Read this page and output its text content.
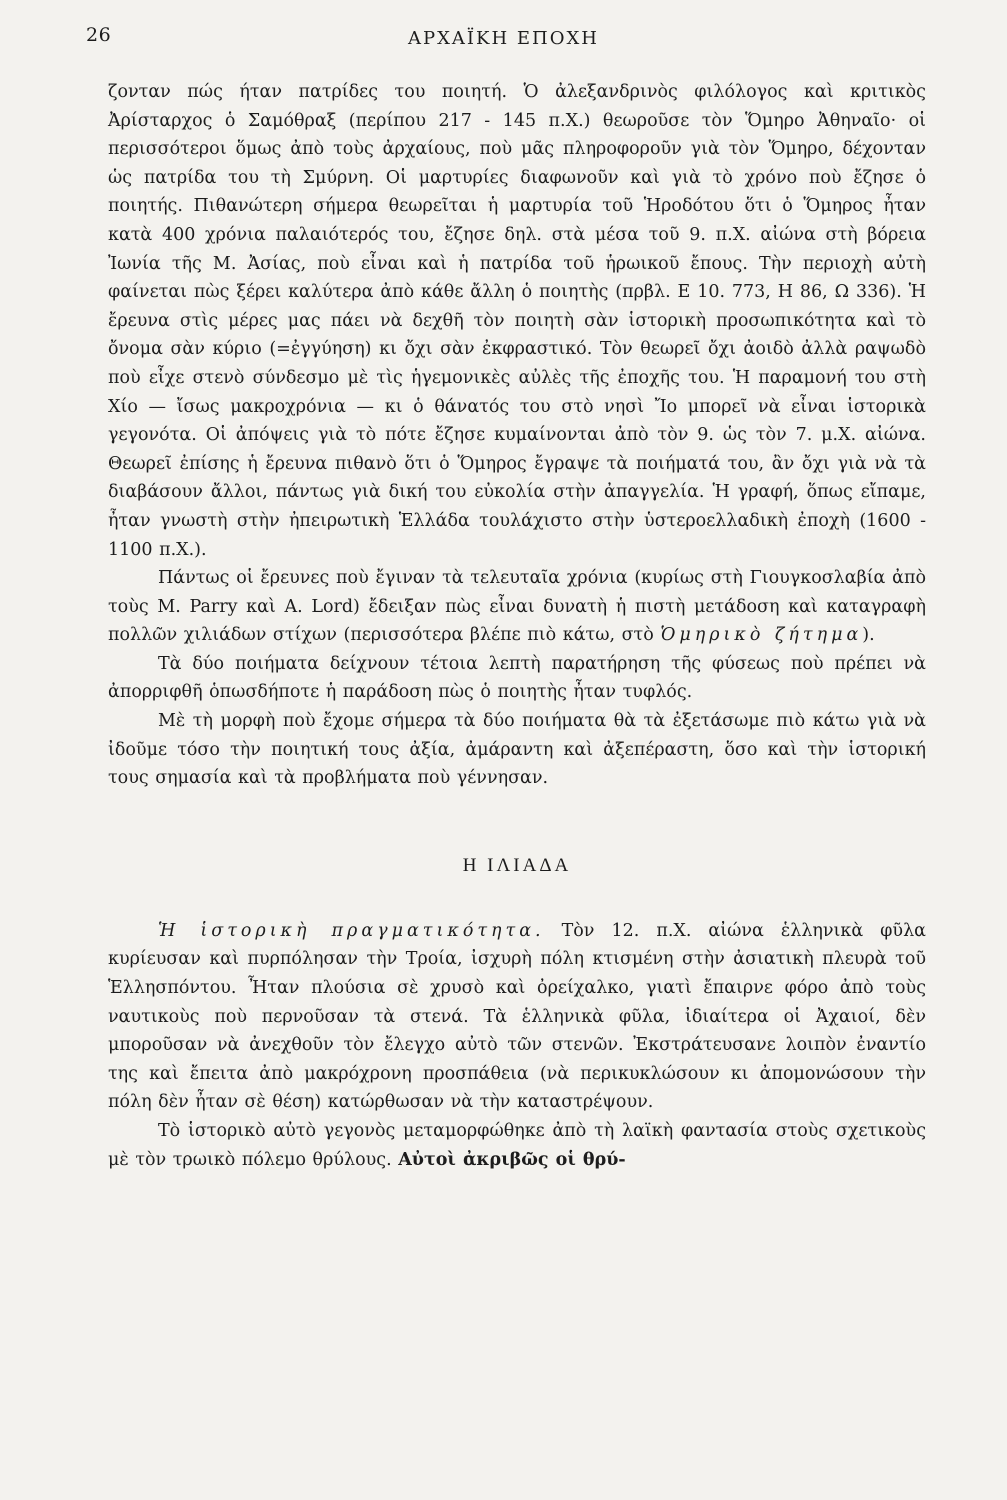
26	ΑΡΧΑΪΚΗ ΕΠΟΧΗ

ζονταν πώς ήταν πατρίδες του ποιητή. Ὁ ἀλεξανδρινὸς φιλόλογος καὶ κριτικὸς Ἀρίσταρχος ὁ Σαμόθραξ (περίπου 217 - 145 π.Χ.) θεωροῦσε τὸν Ὅμηρο Ἀθηναῖο· οἱ περισσότεροι ὅμως ἀπὸ τοὺς ἀρχαίους, ποὺ μᾶς πληροφοροῦν γιὰ τὸν Ὅμηρο, δέχονταν ὡς πατρίδα του τὴ Σμύρνη. Οἱ μαρτυρίες διαφωνοῦν καὶ γιὰ τὸ χρόνο ποὺ ἔζησε ὁ ποιητής. Πιθανώτερη σήμερα θεωρεῖται ἡ μαρτυρία τοῦ Ἡροδότου ὅτι ὁ Ὅμηρος ἦταν κατὰ 400 χρόνια παλαιότερός του, ἔζησε δηλ. στὰ μέσα τοῦ 9. π.Χ. αἰώνα στὴ βόρεια Ἰωνία τῆς Μ. Ἀσίας, ποὺ εἶναι καὶ ἡ πατρίδα τοῦ ἡρωικοῦ ἔπους. Τὴν περιοχὴ αὐτὴ φαίνεται πὼς ξέρει καλύτερα ἀπὸ κάθε ἄλλη ὁ ποιητὴς (πρβλ. Ε 10. 773, Η 86, Ω 336). Ἡ ἔρευνα στὶς μέρες μας πάει νὰ δεχθῆ τὸν ποιητὴ σὰν ἱστορικὴ προσωπικότητα καὶ τὸ ὄνομα σὰν κύριο (=ἐγγύηση) κι ὄχι σὰν ἐκφραστικό. Τὸν θεωρεῖ ὄχι ἀοιδὸ ἀλλὰ ραψωδὸ ποὺ εἶχε στενὸ σύνδεσμο μὲ τὶς ἡγεμονικὲς αὐλὲς τῆς ἐποχῆς του. Ἡ παραμονή του στὴ Χίο — ἴσως μακροχρόνια — κι ὁ θάνατός του στὸ νησὶ Ἴο μπορεῖ νὰ εἶναι ἱστορικὰ γεγονότα. Οἱ ἀπόψεις γιὰ τὸ πότε ἔζησε κυμαίνονται ἀπὸ τὸν 9. ὡς τὸν 7. μ.Χ. αἰώνα. Θεωρεῖ ἐπίσης ἡ ἔρευνα πιθανὸ ὅτι ὁ Ὅμηρος ἔγραψε τὰ ποιήματά του, ἂν ὄχι γιὰ νὰ τὰ διαβάσουν ἄλλοι, πάντως γιὰ δική του εὐκολία στὴν ἀπαγγελία. Ἡ γραφή, ὅπως εἴπαμε, ἦταν γνωστὴ στὴν ἠπειρωτικὴ Ἑλλάδα τουλάχιστο στὴν ὑστεροελλαδικὴ ἐποχὴ (1600 - 1100 π.Χ.).

Πάντως οἱ ἔρευνες ποὺ ἔγιναν τὰ τελευταῖα χρόνια (κυρίως στὴ Γιουγκοσλαβία ἀπὸ τοὺς M. Parry καὶ A. Lord) ἔδειξαν πὼς εἶναι δυνατὴ ἡ πιστὴ μετάδοση καὶ καταγραφὴ πολλῶν χιλιάδων στίχων (περισσότερα βλέπε πιὸ κάτω, στὸ Ὁμηρικὸ ζήτημα).

Τὰ δύο ποιήματα δείχνουν τέτοια λεπτὴ παρατήρηση τῆς φύσεως ποὺ πρέπει νὰ ἀπορριφθῆ ὁπωσδήποτε ἡ παράδοση πὼς ὁ ποιητὴς ἦταν τυφλός.

Μὲ τὴ μορφὴ ποὺ ἔχομε σήμερα τὰ δύο ποιήματα θὰ τὰ ἐξετάσωμε πιὸ κάτω γιὰ νὰ ἰδοῦμε τόσο τὴν ποιητική τους ἀξία, ἀμάραντη καὶ ἀξεπέραστη, ὅσο καὶ τὴν ἱστορική τους σημασία καὶ τὰ προβλήματα ποὺ γέννησαν.

Η ΙΛΙΑΔΑ

Ἡ ἱστορικὴ πραγματικότητα. Τὸν 12. π.Χ. αἰώνα ἑλληνικὰ φῦλα κυρίευσαν καὶ πυρπόλησαν τὴν Τροία, ἰσχυρὴ πόλη κτισμένη στὴν ἀσιατικὴ πλευρὰ τοῦ Ἑλλησπόντου. Ἦταν πλούσια σὲ χρυσὸ καὶ ὀρείχαλκο, γιατὶ ἔπαιρνε φόρο ἀπὸ τοὺς ναυτικοὺς ποὺ περνοῦσαν τὰ στενά. Τὰ ἑλληνικὰ φῦλα, ἰδιαίτερα οἱ Ἀχαιοί, δὲν μποροῦσαν νὰ ἀνεχθοῦν τὸν ἔλεγχο αὐτὸ τῶν στενῶν. Ἐκστράτευσανε λοιπὸν ἐναντίο της καὶ ἔπειτα ἀπὸ μακρόχρονη προσπάθεια (νὰ περικυκλώσουν κι ἀπομονώσουν τὴν πόλη δὲν ἦταν σὲ θέση) κατώρθωσαν νὰ τὴν καταστρέψουν.

Τὸ ἱστορικὸ αὐτὸ γεγονὸς μεταμορφώθηκε ἀπὸ τὴ λαϊκὴ φαντασία στοὺς σχετικοὺς μὲ τὸν τρωικὸ πόλεμο θρύλους. Αὐτοὶ ἀκριβῶς οἱ θρύ-
